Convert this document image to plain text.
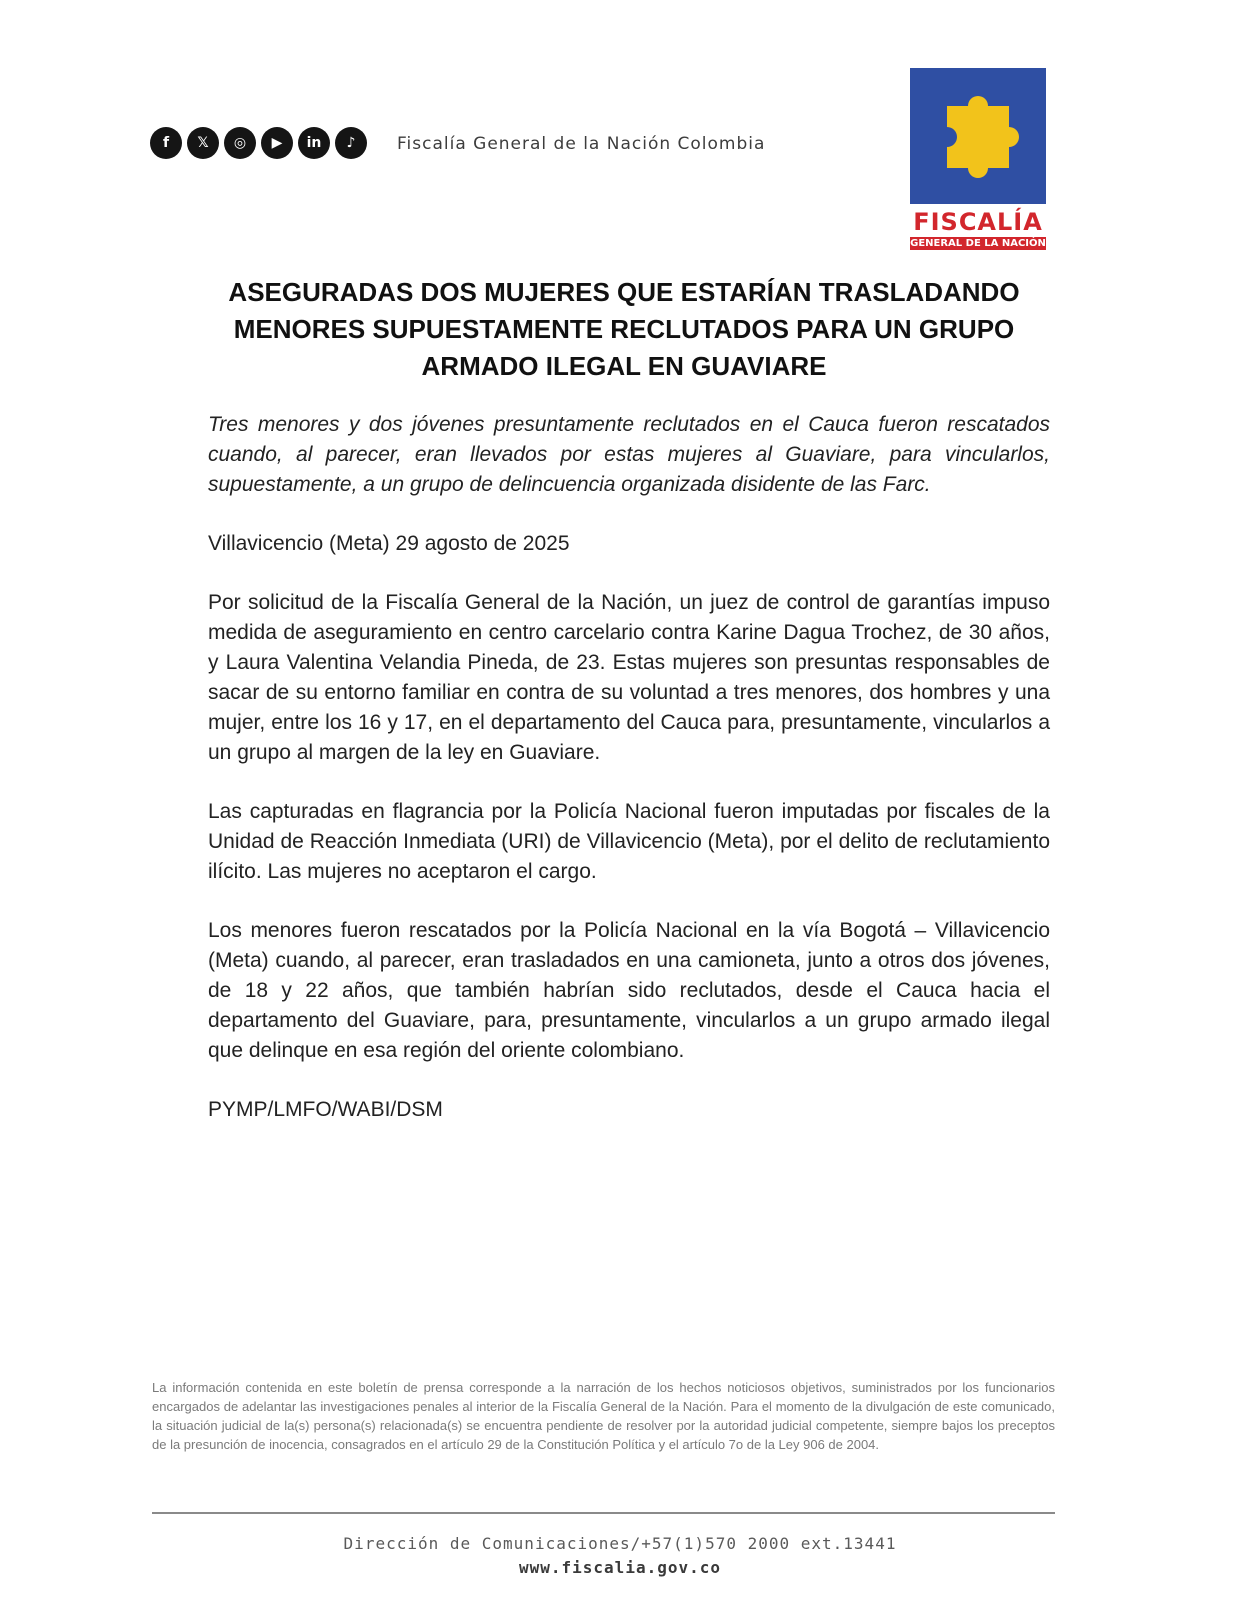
f	𝕏	◎	▶	in	♪	Fiscalía General de la Nación Colombia
FISCALÍA
GENERAL DE LA NACIÓN
ASEGURADAS DOS MUJERES QUE ESTARÍAN TRASLADANDO
MENORES SUPUESTAMENTE RECLUTADOS PARA UN GRUPO
ARMADO ILEGAL EN GUAVIARE

Tres menores y dos jóvenes presuntamente reclutados en el Cauca fueron rescatados cuando, al parecer, eran llevados por estas mujeres al Guaviare, para vincularlos, supuestamente, a un grupo de delincuencia organizada disidente de las Farc.

Villavicencio (Meta) 29 agosto de 2025

Por solicitud de la Fiscalía General de la Nación, un juez de control de garantías impuso medida de aseguramiento en centro carcelario contra Karine Dagua Trochez, de 30 años, y Laura Valentina Velandia Pineda, de 23. Estas mujeres son presuntas responsables de sacar de su entorno familiar en contra de su voluntad a tres menores, dos hombres y una mujer, entre los 16 y 17, en el departamento del Cauca para, presuntamente, vincularlos a un grupo al margen de la ley en Guaviare.

Las capturadas en flagrancia por la Policía Nacional fueron imputadas por fiscales de la Unidad de Reacción Inmediata (URI) de Villavicencio (Meta), por el delito de reclutamiento ilícito. Las mujeres no aceptaron el cargo.

Los menores fueron rescatados por la Policía Nacional en la vía Bogotá – Villavicencio (Meta) cuando, al parecer, eran trasladados en una camioneta, junto a otros dos jóvenes, de 18 y 22 años, que también habrían sido reclutados, desde el Cauca hacia el departamento del Guaviare, para, presuntamente, vincularlos a un grupo armado ilegal que delinque en esa región del oriente colombiano.

PYMP/LMFO/WABI/DSM

La información contenida en este boletín de prensa corresponde a la narración de los hechos noticiosos objetivos, suministrados por los funcionarios encargados de adelantar las investigaciones penales al interior de la Fiscalía General de la Nación. Para el momento de la divulgación de este comunicado, la situación judicial de la(s) persona(s) relacionada(s) se encuentra pendiente de resolver por la autoridad judicial competente, siempre bajos los preceptos de la presunción de inocencia, consagrados en el artículo 29 de la Constitución Política y el artículo 7o de la Ley 906 de 2004.
Dirección de Comunicaciones/+57(1)570 2000 ext.13441
www.fiscalia.gov.co
